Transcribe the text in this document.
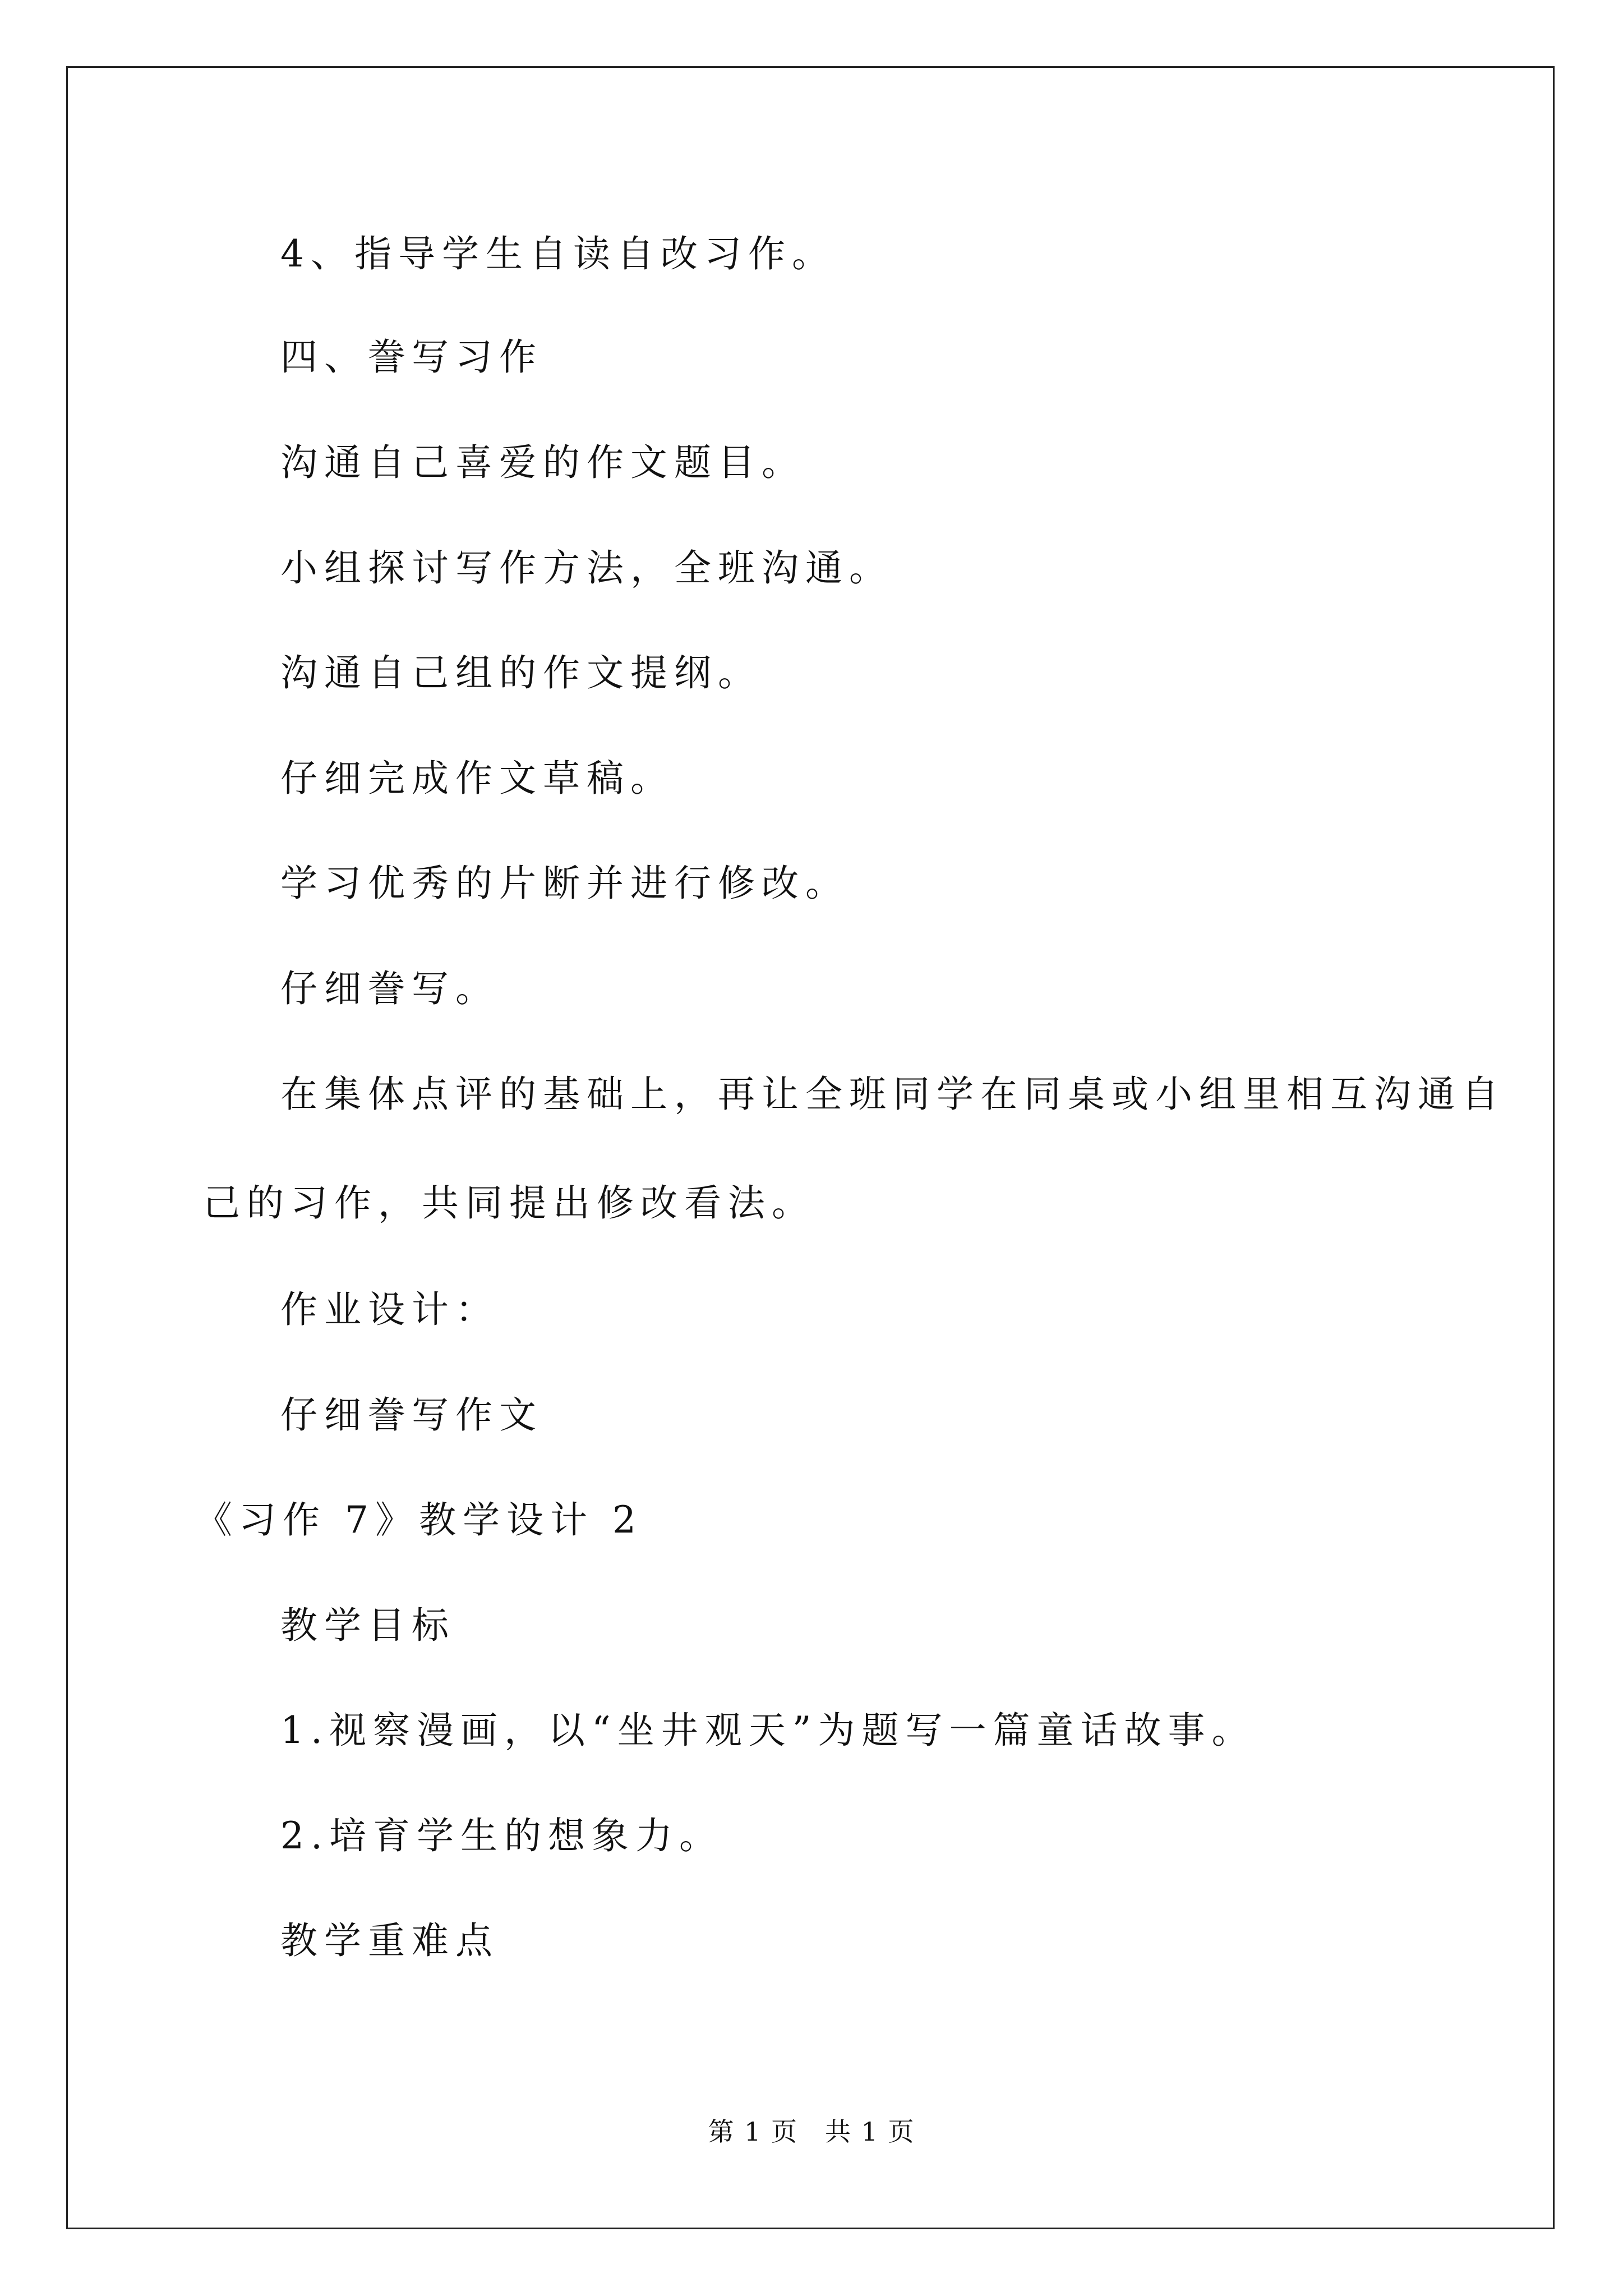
4、指导学生自读自改习作。
四、誊写习作
沟通自己喜爱的作文题目。
小组探讨写作方法，全班沟通。
沟通自己组的作文提纲。
仔细完成作文草稿。
学习优秀的片断并进行修改。
仔细誊写。
在集体点评的基础上，再让全班同学在同桌或小组里相互沟通自
己的习作，共同提出修改看法。
作业设计：
仔细誊写作文
《习作 7》教学设计 2
教学目标
1.视察漫画，以“坐井观天”为题写一篇童话故事。
2.培育学生的想象力。
教学重难点
第 1 页　共 1 页
